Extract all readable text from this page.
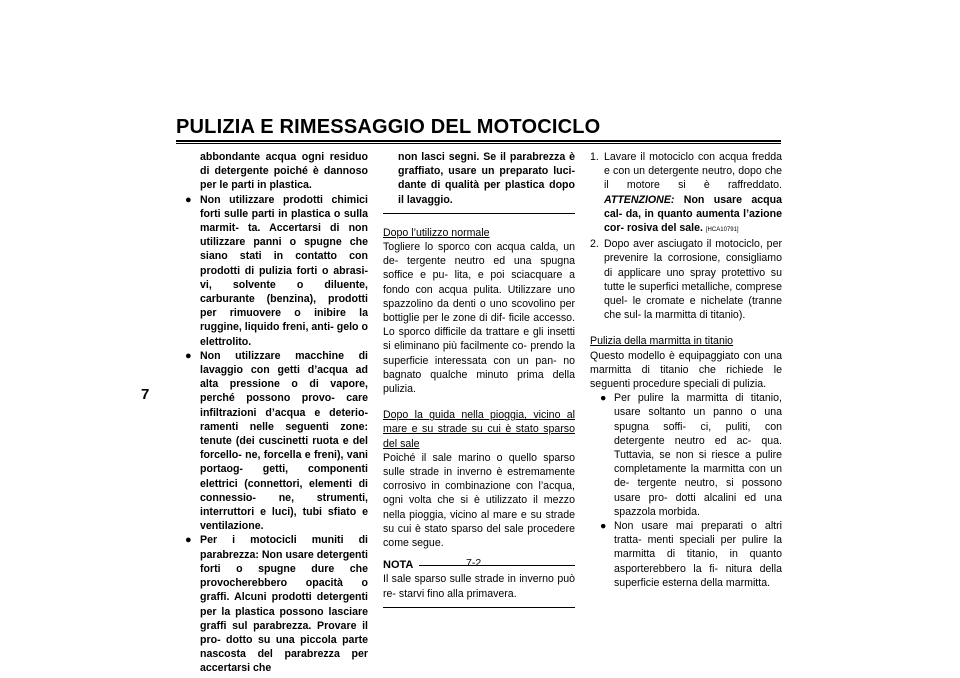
PULIZIA E RIMESSAGGIO DEL MOTOCICLO
7

abbondante acqua ogni residuo di detergente poiché è dannoso per le parti in plastica.

● Non utilizzare prodotti chimici forti sulle parti in plastica o sulla marmit- ta. Accertarsi di non utilizzare panni o spugne che siano stati in contatto con prodotti di pulizia forti o abrasi- vi, solvente o diluente, carburante (benzina), prodotti per rimuovere o inibire la ruggine, liquido freni, anti- gelo o elettrolito.
● Non utilizzare macchine di lavaggio con getti d’acqua ad alta pressione o di vapore, perché possono provo- care infiltrazioni d’acqua e deterio- ramenti nelle seguenti zone: tenute (dei cuscinetti ruota e del forcello- ne, forcella e freni), vani portaog- getti, componenti elettrici (connettori, elementi di connessio- ne, strumenti, interruttori e luci), tubi sfiato e ventilazione.
● Per i motocicli muniti di parabrezza: Non usare detergenti forti o spugne dure che provocherebbero opacità o graffi. Alcuni prodotti detergenti per la plastica possono lasciare graffi sul parabrezza. Provare il pro- dotto su una piccola parte nascosta del parabrezza per accertarsi che

non lasci segni. Se il parabrezza è graffiato, usare un preparato luci- dante di qualità per plastica dopo il lavaggio.

Dopo l’utilizzo normale

Togliere lo sporco con acqua calda, un de- tergente neutro ed una spugna soffice e pu- lita, e poi sciacquare a fondo con acqua pulita. Utilizzare uno spazzolino da denti o uno scovolino per bottiglie per le zone di dif- ficile accesso. Lo sporco difficile da trattare e gli insetti si eliminano più facilmente co- prendo la superficie interessata con un pan- no bagnato qualche minuto prima della pulizia.

Dopo la guida nella pioggia, vicino al mare e su strade su cui è stato sparso del sale

Poiché il sale marino o quello sparso sulle strade in inverno è estremamente corrosivo in combinazione con l’acqua, ogni volta che si è utilizzato il mezzo nella pioggia, vicino al mare e su strade su cui è stato sparso del sale procedere come segue.

NOTA

Il sale sparso sulle strade in inverno può re- starvi fino alla primavera.

1. Lavare il motociclo con acqua fredda e con un detergente neutro, dopo che il motore si è raffreddato. ATTENZIONE: Non usare acqua cal- da, in quanto aumenta l’azione cor- rosiva del sale. [HCA10791]
2. Dopo aver asciugato il motociclo, per prevenire la corrosione, consigliamo di applicare uno spray protettivo su tutte le superfici metalliche, comprese quel- le cromate e nichelate (tranne che sul- la marmitta di titanio).

Pulizia della marmitta in titanio

Questo modello è equipaggiato con una marmitta di titanio che richiede le seguenti procedure speciali di pulizia.

● Per pulire la marmitta di titanio, usare soltanto un panno o una spugna soffi- ci, puliti, con detergente neutro ed ac- qua. Tuttavia, se non si riesce a pulire completamente la marmitta con un de- tergente neutro, si possono usare pro- dotti alcalini ed una spazzola morbida.
● Non usare mai preparati o altri tratta- menti speciali per pulire la marmitta di titanio, in quanto asporterebbero la fi- nitura della superficie esterna della marmitta.
7-2
